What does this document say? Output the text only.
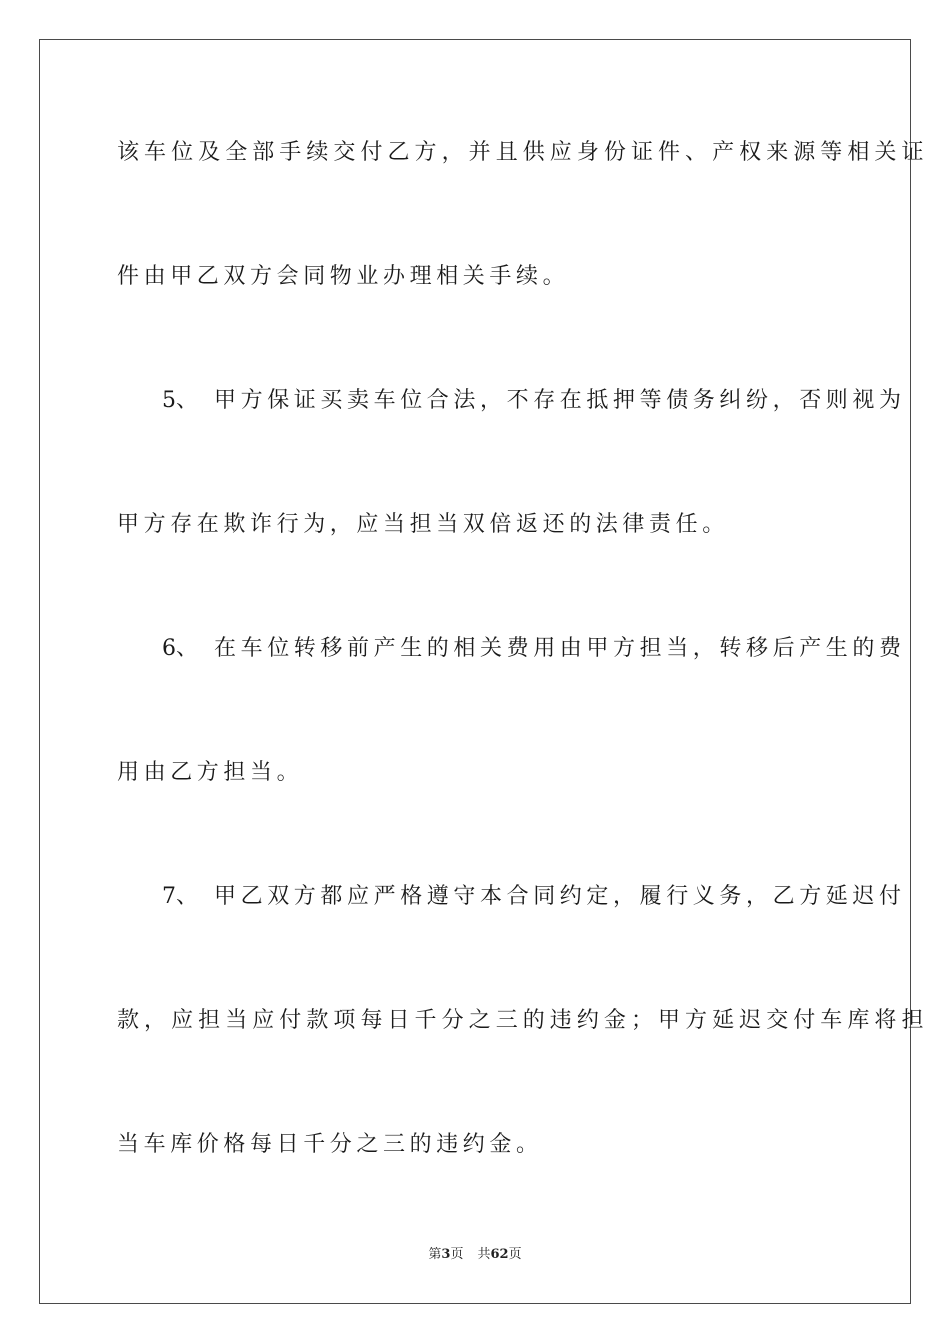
该车位及全部手续交付乙方，并且供应身份证件、产权来源等相关证
件由甲乙双方会同物业办理相关手续。
5、 甲方保证买卖车位合法，不存在抵押等债务纠纷，否则视为
甲方存在欺诈行为，应当担当双倍返还的法律责任。
6、 在车位转移前产生的相关费用由甲方担当，转移后产生的费
用由乙方担当。
7、 甲乙双方都应严格遵守本合同约定，履行义务，乙方延迟付
款，应担当应付款项每日千分之三的违约金；甲方延迟交付车库将担
当车库价格每日千分之三的违约金。
第3页 共62页
